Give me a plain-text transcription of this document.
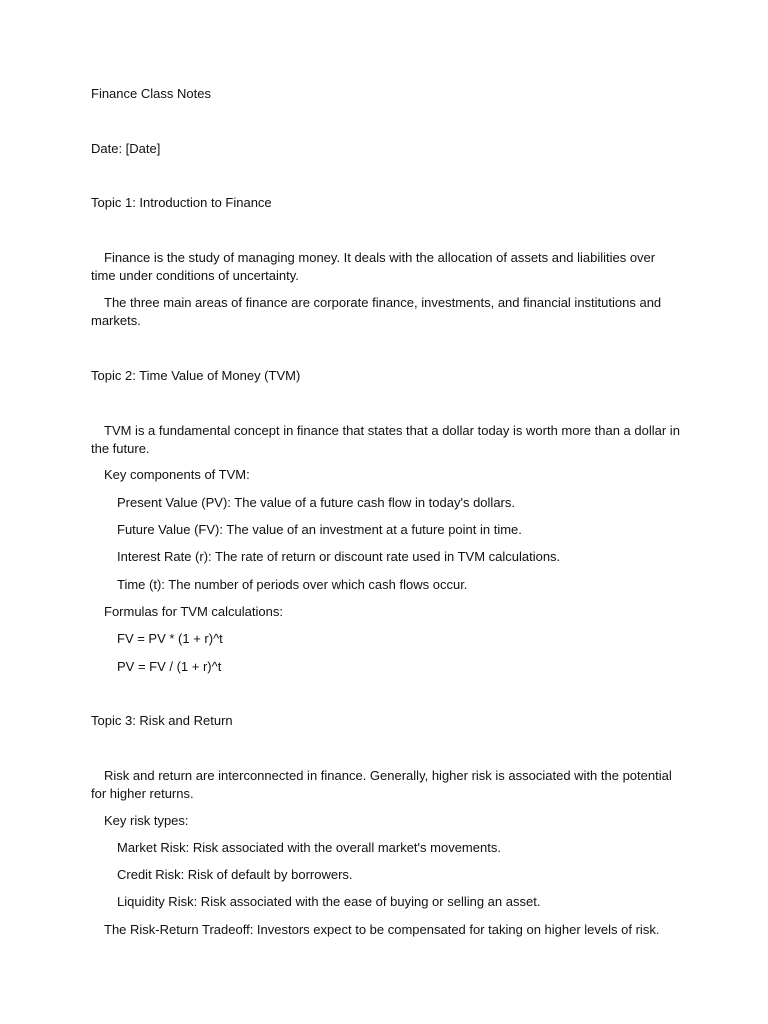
Finance Class Notes

Date: [Date]

Topic 1: Introduction to Finance

Finance is the study of managing money. It deals with the allocation of assets and liabilities over time under conditions of uncertainty.

The three main areas of finance are corporate finance, investments, and financial institutions and markets.

Topic 2: Time Value of Money (TVM)

TVM is a fundamental concept in finance that states that a dollar today is worth more than a dollar in the future.

Key components of TVM:

Present Value (PV): The value of a future cash flow in today's dollars.

Future Value (FV): The value of an investment at a future point in time.

Interest Rate (r): The rate of return or discount rate used in TVM calculations.

Time (t): The number of periods over which cash flows occur.

Formulas for TVM calculations:

FV = PV * (1 + r)^t

PV = FV / (1 + r)^t

Topic 3: Risk and Return

Risk and return are interconnected in finance. Generally, higher risk is associated with the potential for higher returns.

Key risk types:

Market Risk: Risk associated with the overall market's movements.

Credit Risk: Risk of default by borrowers.

Liquidity Risk: Risk associated with the ease of buying or selling an asset.

The Risk-Return Tradeoff: Investors expect to be compensated for taking on higher levels of risk.
